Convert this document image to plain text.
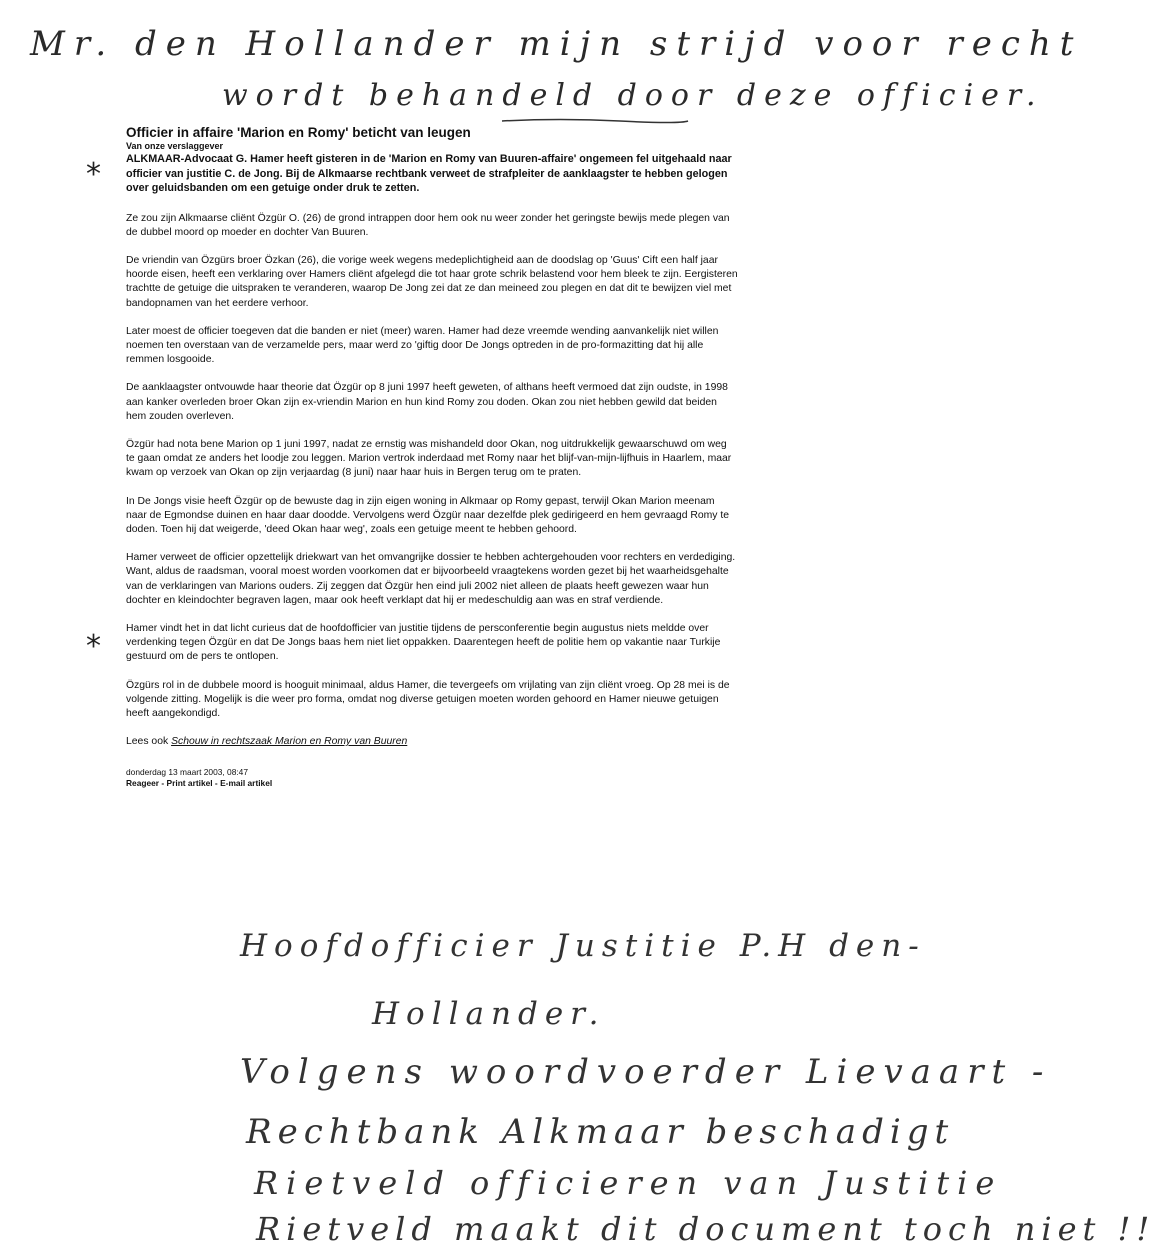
Mr. den Hollander mijn strijd voor recht
wordt behandeld door deze officier.
*
*
Officier in affaire 'Marion en Romy' beticht van leugen

Van onze verslaggever

ALKMAAR-Advocaat G. Hamer heeft gisteren in de 'Marion en Romy van Buuren-affaire' ongemeen fel uitgehaald naar officier van justitie C. de Jong. Bij de Alkmaarse rechtbank verweet de strafpleiter de aanklaagster te hebben gelogen over geluidsbanden om een getuige onder druk te zetten.

Ze zou zijn Alkmaarse cliënt Özgür O. (26) de grond intrappen door hem ook nu weer zonder het geringste bewijs mede plegen van de dubbel moord op moeder en dochter Van Buuren.

De vriendin van Özgürs broer Özkan (26), die vorige week wegens medeplichtigheid aan de doodslag op 'Guus' Cift een half jaar hoorde eisen, heeft een verklaring over Hamers cliënt afgelegd die tot haar grote schrik belastend voor hem bleek te zijn. Eergisteren trachtte de getuige die uitspraken te veranderen, waarop De Jong zei dat ze dan meineed zou plegen en dat dit te bewijzen viel met bandopnamen van het eerdere verhoor.

Later moest de officier toegeven dat die banden er niet (meer) waren. Hamer had deze vreemde wending aanvankelijk niet willen noemen ten overstaan van de verzamelde pers, maar werd zo 'giftig door De Jongs optreden in de pro-formazitting dat hij alle remmen losgooide.

De aanklaagster ontvouwde haar theorie dat Özgür op 8 juni 1997 heeft geweten, of althans heeft vermoed dat zijn oudste, in 1998 aan kanker overleden broer Okan zijn ex-vriendin Marion en hun kind Romy zou doden. Okan zou niet hebben gewild dat beiden hem zouden overleven.

Özgür had nota bene Marion op 1 juni 1997, nadat ze ernstig was mishandeld door Okan, nog uitdrukkelijk gewaarschuwd om weg te gaan omdat ze anders het loodje zou leggen. Marion vertrok inderdaad met Romy naar het blijf-van-mijn-lijfhuis in Haarlem, maar kwam op verzoek van Okan op zijn verjaardag (8 juni) naar haar huis in Bergen terug om te praten.

In De Jongs visie heeft Özgür op de bewuste dag in zijn eigen woning in Alkmaar op Romy gepast, terwijl Okan Marion meenam naar de Egmondse duinen en haar daar doodde. Vervolgens werd Özgür naar dezelfde plek gedirigeerd en hem gevraagd Romy te doden. Toen hij dat weigerde, 'deed Okan haar weg', zoals een getuige meent te hebben gehoord.

Hamer verweet de officier opzettelijk driekwart van het omvangrijke dossier te hebben achtergehouden voor rechters en verdediging. Want, aldus de raadsman, vooral moest worden voorkomen dat er bijvoorbeeld vraagtekens worden gezet bij het waarheidsgehalte van de verklaringen van Marions ouders. Zij zeggen dat Özgür hen eind juli 2002 niet alleen de plaats heeft gewezen waar hun dochter en kleindochter begraven lagen, maar ook heeft verklapt dat hij er medeschuldig aan was en straf verdiende.

Hamer vindt het in dat licht curieus dat de hoofdofficier van justitie tijdens de persconferentie begin augustus niets meldde over verdenking tegen Özgür en dat De Jongs baas hem niet liet oppakken. Daarentegen heeft de politie hem op vakantie naar Turkije gestuurd om de pers te ontlopen.

Özgürs rol in de dubbele moord is hooguit minimaal, aldus Hamer, die tevergeefs om vrijlating van zijn cliënt vroeg. Op 28 mei is de volgende zitting. Mogelijk is die weer pro forma, omdat nog diverse getuigen moeten worden gehoord en Hamer nieuwe getuigen heeft aangekondigd.

Lees ook Schouw in rechtszaak Marion en Romy van Buuren

donderdag 13 maart 2003, 08:47

Reageer - Print artikel - E-mail artikel

Hoofdofficier Justitie P.H den-
Hollander.
Volgens woordvoerder Lievaart -
Rechtbank Alkmaar beschadigt
Rietveld officieren van Justitie
Rietveld maakt dit document toch niet !!
